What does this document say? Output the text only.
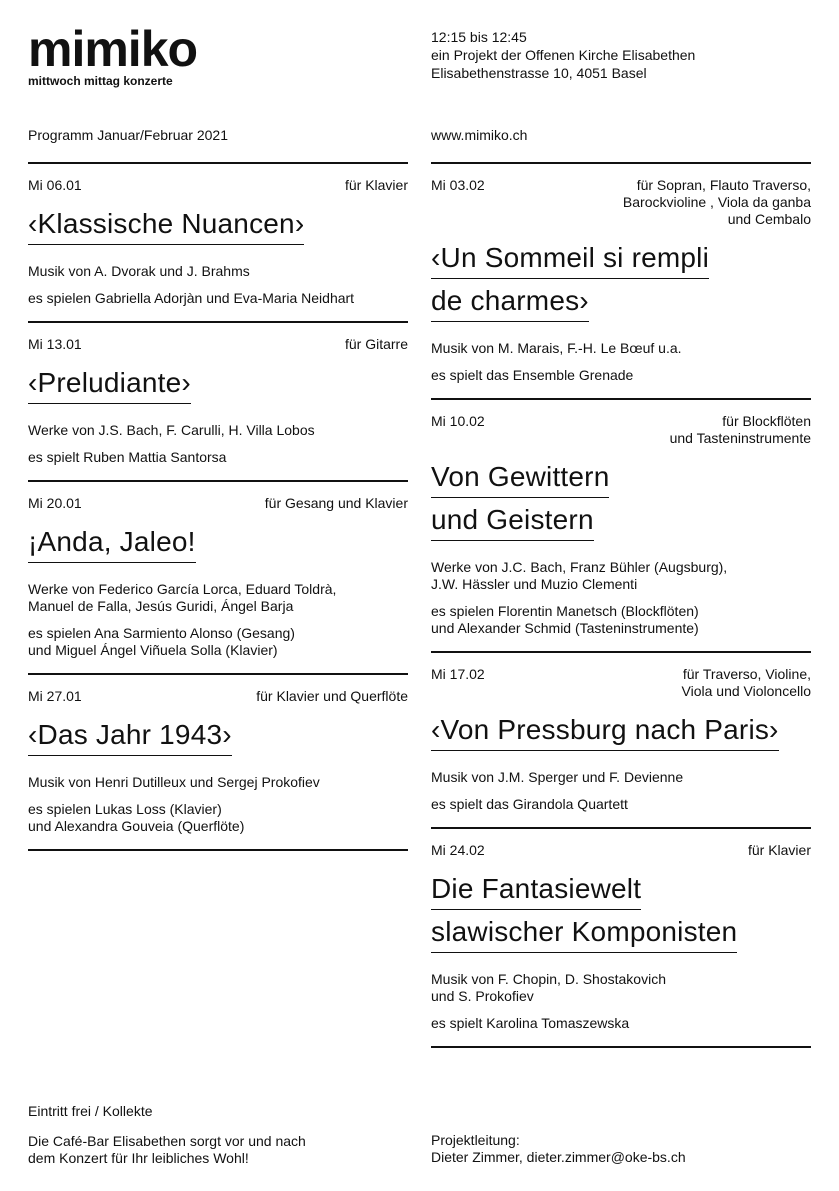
mimiko
mittwoch mittag konzerte
12:15 bis 12:45
ein Projekt der Offenen Kirche Elisabethen
Elisabethenstrasse 10, 4051 Basel
Programm Januar/Februar 2021	www.mimiko.ch
Mi 06.01	für Klavier
‹Klassische Nuancen›
Musik von A. Dvorak und J. Brahms
es spielen Gabriella Adorjàn und Eva-Maria Neidhart
Mi 13.01	für Gitarre
‹Preludiante›
Werke von J.S. Bach, F. Carulli, H. Villa Lobos
es spielt Ruben Mattia Santorsa
Mi 20.01	für Gesang und Klavier
¡Anda, Jaleo!
Werke von Federico García Lorca, Eduard Toldrà,
Manuel de Falla, Jesús Guridi, Ángel Barja
es spielen Ana Sarmiento Alonso (Gesang)
und Miguel Ángel Viñuela Solla (Klavier)
Mi 27.01	für Klavier und Querflöte
‹Das Jahr 1943›
Musik von Henri Dutilleux und Sergej Prokofiev
es spielen Lukas Loss (Klavier)
und Alexandra Gouveia (Querflöte)
Mi 03.02	für Sopran, Flauto Traverso,
Barockvioline , Viola da ganba
und Cembalo
‹Un Sommeil si rempli
de charmes›
Musik von M. Marais, F.-H. Le Bœuf u.a.
es spielt das Ensemble Grenade
Mi 10.02	für Blockflöten
und Tasteninstrumente
Von Gewittern
und Geistern
Werke von J.C. Bach, Franz Bühler (Augsburg),
J.W. Hässler und Muzio Clementi
es spielen Florentin Manetsch (Blockflöten)
und Alexander Schmid (Tasteninstrumente)
Mi 17.02	für Traverso, Violine,
Viola und Violoncello
‹Von Pressburg nach Paris›
Musik von J.M. Sperger und F. Devienne
es spielt das Girandola Quartett
Mi 24.02	für Klavier
Die Fantasiewelt
slawischer Komponisten
Musik von F. Chopin, D. Shostakovich
und S. Prokofiev
es spielt Karolina Tomaszewska
Eintritt frei / Kollekte
Die Café-Bar Elisabethen sorgt vor und nach
dem Konzert für Ihr leibliches Wohl!
Projektleitung:
Dieter Zimmer, dieter.zimmer@oke-bs.ch
